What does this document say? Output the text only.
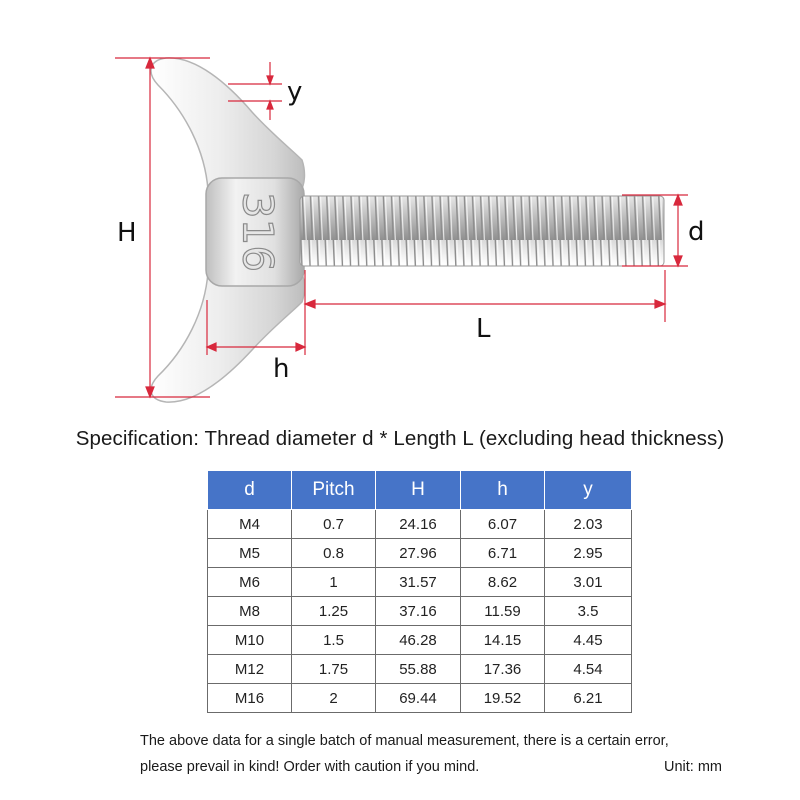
316
H
y
d
L
h
Specification: Thread diameter d * Length L (excluding head thickness)
d	Pitch	H	h	y
M4	0.7	24.16	6.07	2.03
M5	0.8	27.96	6.71	2.95
M6	1	31.57	8.62	3.01
M8	1.25	37.16	11.59	3.5
M10	1.5	46.28	14.15	4.45
M12	1.75	55.88	17.36	4.54
M16	2	69.44	19.52	6.21
The above data for a single batch of manual measurement, there is a certain error,
please prevail in kind! Order with caution if you mind.	Unit: mm
